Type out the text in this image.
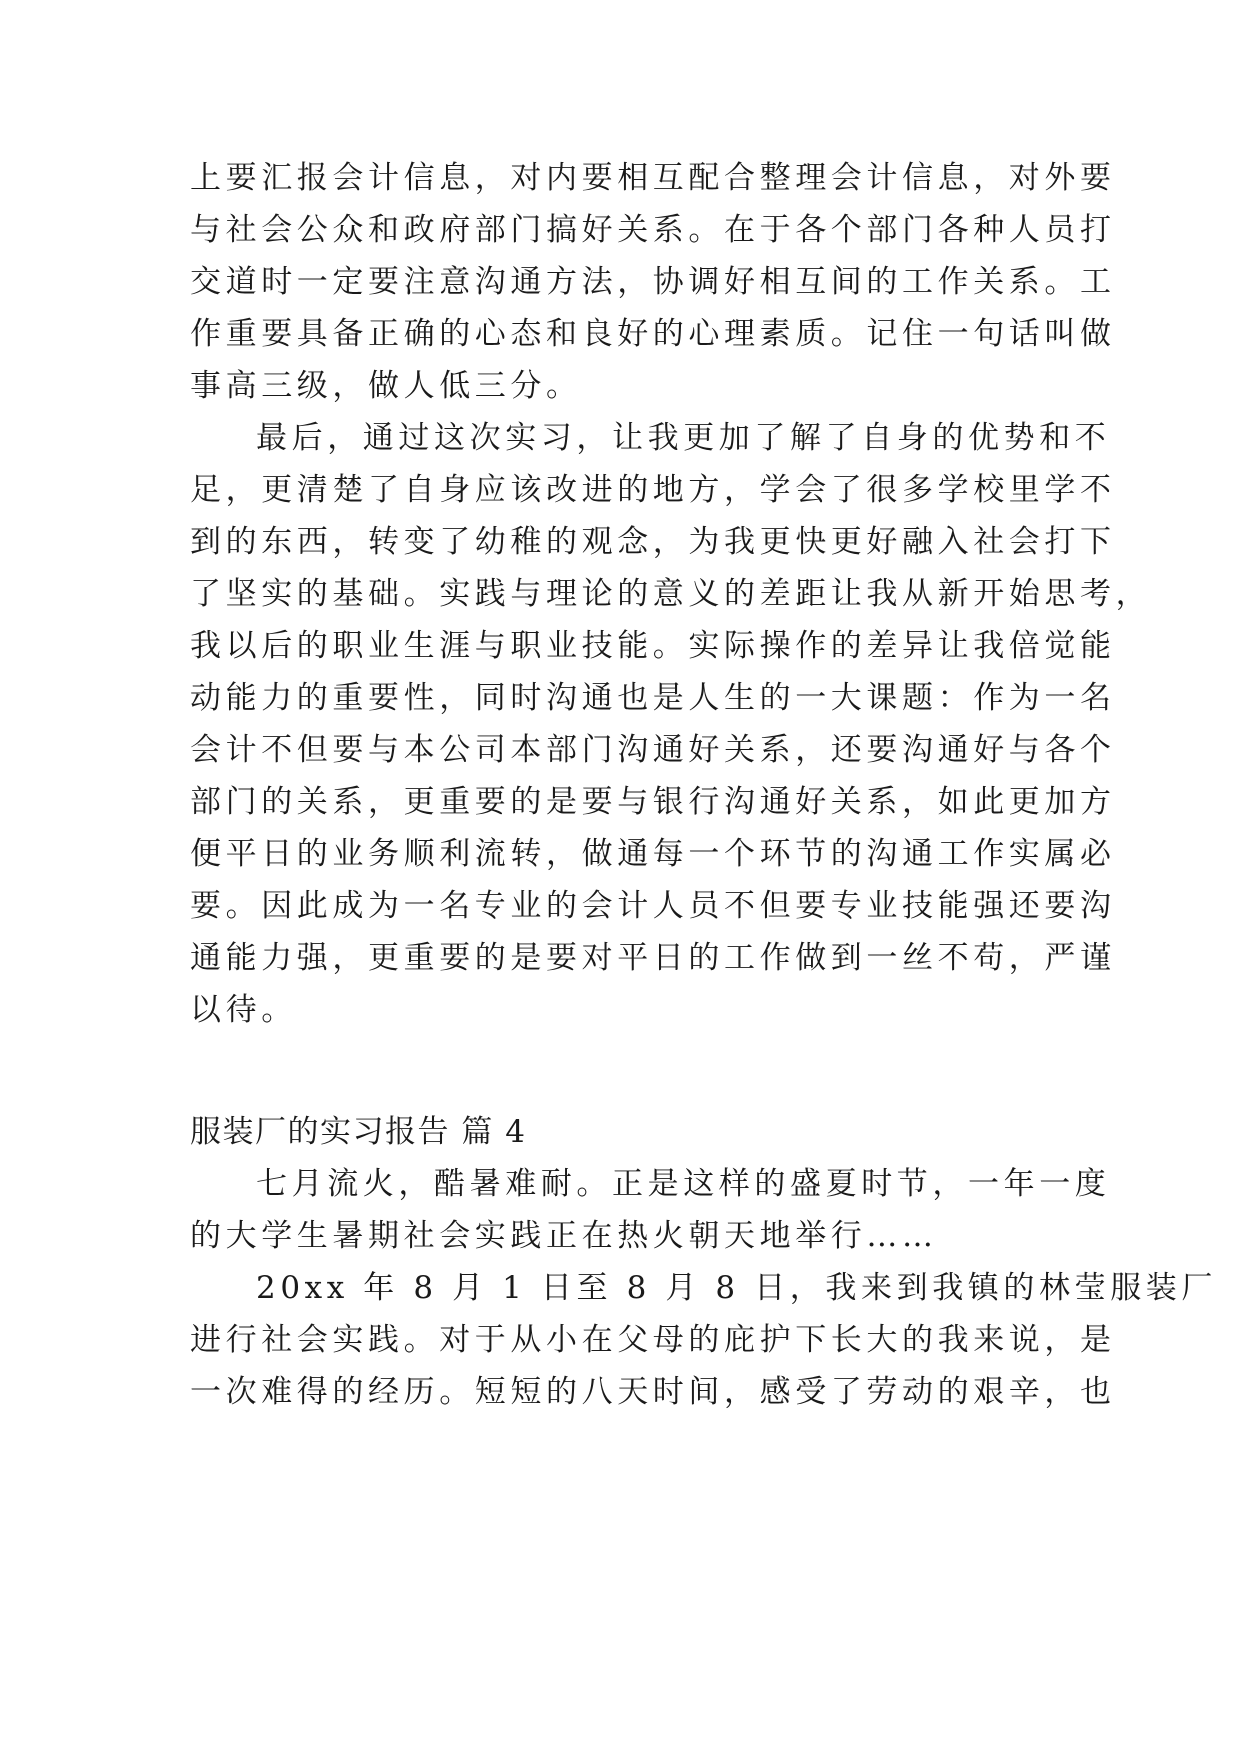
上要汇报会计信息，对内要相互配合整理会计信息，对外要
与社会公众和政府部门搞好关系。在于各个部门各种人员打
交道时一定要注意沟通方法，协调好相互间的工作关系。工
作重要具备正确的心态和良好的心理素质。记住一句话叫做
事高三级，做人低三分。
最后，通过这次实习，让我更加了解了自身的优势和不
足，更清楚了自身应该改进的地方，学会了很多学校里学不
到的东西，转变了幼稚的观念，为我更快更好融入社会打下
了坚实的基础。实践与理论的意义的差距让我从新开始思考，
我以后的职业生涯与职业技能。实际操作的差异让我倍觉能
动能力的重要性，同时沟通也是人生的一大课题：作为一名
会计不但要与本公司本部门沟通好关系，还要沟通好与各个
部门的关系，更重要的是要与银行沟通好关系，如此更加方
便平日的业务顺利流转，做通每一个环节的沟通工作实属必
要。因此成为一名专业的会计人员不但要专业技能强还要沟
通能力强，更重要的是要对平日的工作做到一丝不苟，严谨
以待。
服装厂的实习报告 篇 4
七月流火，酷暑难耐。正是这样的盛夏时节，一年一度
的大学生暑期社会实践正在热火朝天地举行……
20xx 年 8 月 1 日至 8 月 8 日，我来到我镇的林莹服装厂
进行社会实践。对于从小在父母的庇护下长大的我来说，是
一次难得的经历。短短的八天时间，感受了劳动的艰辛，也
